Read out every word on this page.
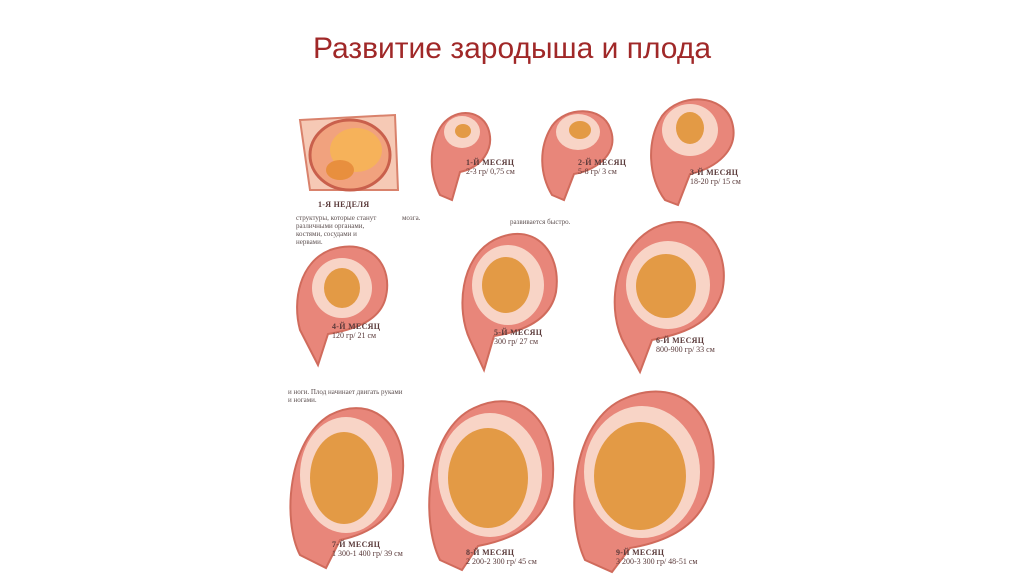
Развитие зародыша и плода
1-Я НЕДЕЛЯ
1-Й МЕСЯЦ
2-3 гр/ 0,75 см
2-Й МЕСЯЦ
5-8 гр/ 3 см	3-Й МЕСЯЦ
18-20 гр/ 15 см
4-Й МЕСЯЦ
120 гр/ 21 см	5-Й МЕСЯЦ
300 гр/ 27 см	6-Й МЕСЯЦ
800-900 гр/ 33 см
7-Й МЕСЯЦ
1 300-1 400 гр/ 39 см	8-Й МЕСЯЦ
2 200-2 300 гр/ 45 см
9-Й МЕСЯЦ
3 200-3 300 гр/ 48-51 см
структуры, которые станут
различными органами,
костями, сосудами и
нервами.
мозга.	развивается быстро.
и ноги. Плод начинает двигать руками
и ногами.
